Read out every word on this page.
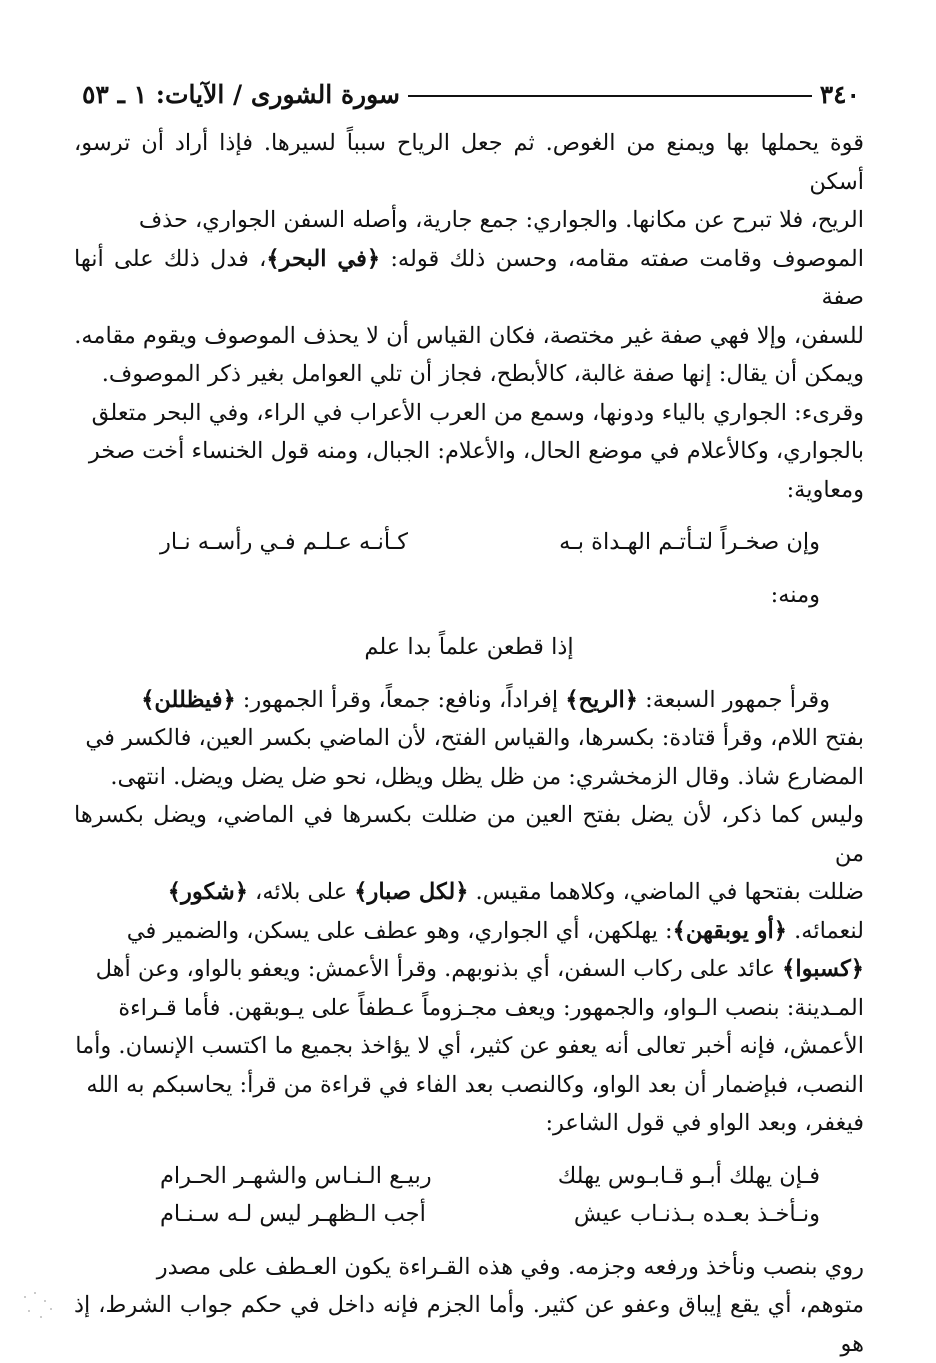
٣٤٠
سورة الشورى / الآيات: ١ ـ ٥٣

قوة يحملها بها ويمنع من الغوص. ثم جعل الرياح سبباً لسيرها. فإذا أراد أن ترسو، أسكن

الريح، فلا تبرح عن مكانها. والجواري: جمع جارية، وأصله السفن الجواري، حذف

الموصوف وقامت صفته مقامه، وحسن ذلك قوله: ﴿في البحر﴾، فدل ذلك على أنها صفة

للسفن، وإلا فهي صفة غير مختصة، فكان القياس أن لا يحذف الموصوف ويقوم مقامه.

ويمكن أن يقال: إنها صفة غالبة، كالأبطح، فجاز أن تلي العوامل بغير ذكر الموصوف.

وقرىء: الجواري بالياء ودونها، وسمع من العرب الأعراب في الراء، وفي البحر متعلق

بالجواري، وكالأعلام في موضع الحال، والأعلام: الجبال، ومنه قول الخنساء أخت صخر

ومعاوية:

وإن صخـراً لتـأتـم الهـداة بـه
كـأنـه عـلـم فـي رأسـه نـار

ومنه:

إذا قطعن علماً بدا علم

وقرأ جمهور السبعة: ﴿الريح﴾ إفراداً، ونافع: جمعاً، وقرأ الجمهور: ﴿فيظللن﴾

بفتح اللام، وقرأ قتادة: بكسرها، والقياس الفتح، لأن الماضي بكسر العين، فالكسر في

المضارع شاذ. وقال الزمخشري: من ظل يظل ويظل، نحو ضل يضل ويضل. انتهى.

وليس كما ذكر، لأن يضل بفتح العين من ضللت بكسرها في الماضي، ويضل بكسرها من

ضللت بفتحها في الماضي، وكلاهما مقيس. ﴿لكل صبار﴾ على بلائه، ﴿شكور﴾

لنعمائه. ﴿أو يوبقهن﴾: يهلكهن، أي الجواري، وهو عطف على يسكن، والضمير في

﴿كسبوا﴾ عائد على ركاب السفن، أي بذنوبهم. وقرأ الأعمش: ويعفو بالواو، وعن أهل

المـدينة: بنصب الـواو، والجمهور: ويعف مجـزوماً عـطفاً على يـوبقهن. فأما قـراءة

الأعمش، فإنه أخبر تعالى أنه يعفو عن كثير، أي لا يؤاخذ بجميع ما اكتسب الإنسان. وأما

النصب، فبإضمار أن بعد الواو، وكالنصب بعد الفاء في قراءة من قرأ: يحاسبكم به الله

فيغفر، وبعد الواو في قول الشاعر:

فـإن يهلك أبـو قـابـوس يهلك
ربيـع الـنـاس والشهـر الحـرام
ونـأخـذ بعـده بـذنـاب عيش
أجب الـظهـر ليس لـه سـنـام

روي بنصب ونأخذ ورفعه وجزمه. وفي هذه القـراءة يكون العـطف على مصدر

متوهم، أي يقع إيباق وعفو عن كثير. وأما الجزم فإنه داخل في حكم جواب الشرط، إذ هو
